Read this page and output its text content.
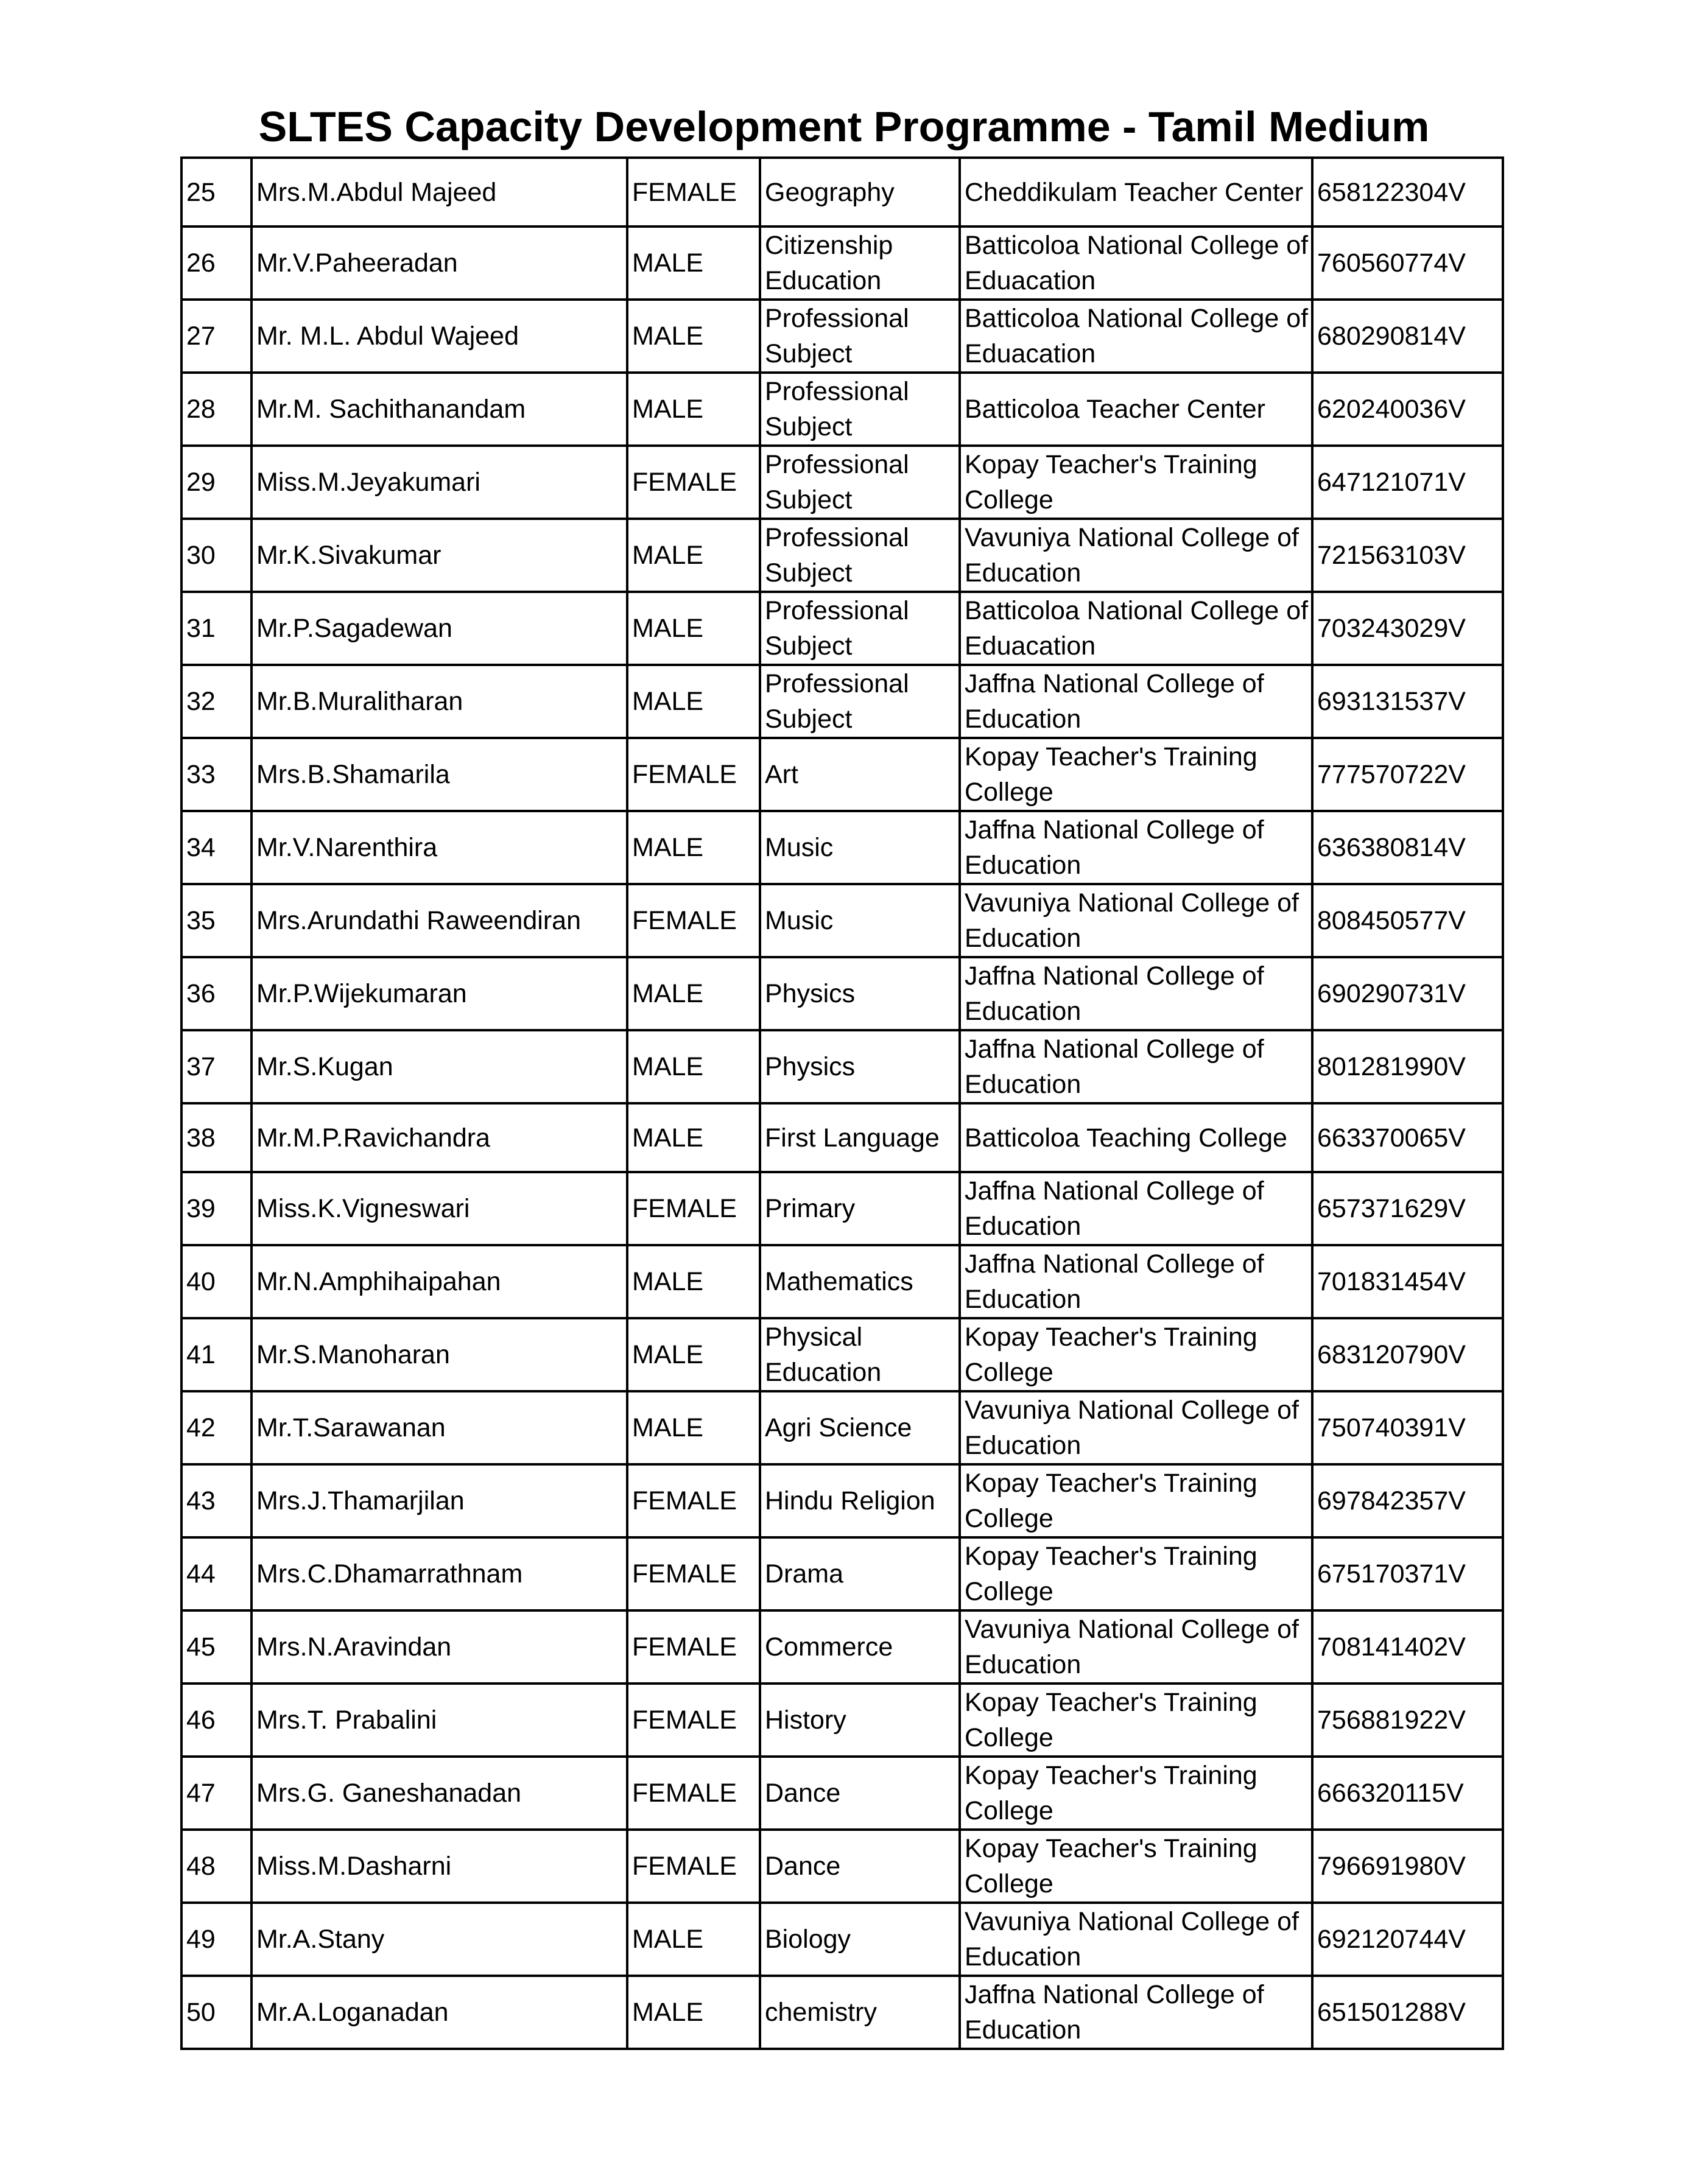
SLTES Capacity Development Programme - Tamil Medium
25	Mrs.M.Abdul Majeed	FEMALE	Geography	Cheddikulam Teacher Center	658122304V
26	Mr.V.Paheeradan	MALE	Citizenship Education	Batticoloa National College of Eduacation	760560774V
27	Mr. M.L. Abdul Wajeed	MALE	Professional Subject	Batticoloa National College of Eduacation	680290814V
28	Mr.M. Sachithanandam	MALE	Professional Subject	Batticoloa Teacher Center	620240036V
29	Miss.M.Jeyakumari	FEMALE	Professional Subject	Kopay Teacher's Training College	647121071V
30	Mr.K.Sivakumar	MALE	Professional Subject	Vavuniya National College of Education	721563103V
31	Mr.P.Sagadewan	MALE	Professional Subject	Batticoloa National College of Eduacation	703243029V
32	Mr.B.Muralitharan	MALE	Professional Subject	Jaffna National College of Education	693131537V
33	Mrs.B.Shamarila	FEMALE	Art	Kopay Teacher's Training College	777570722V
34	Mr.V.Narenthira	MALE	Music	Jaffna National College of Education	636380814V
35	Mrs.Arundathi Raweendiran	FEMALE	Music	Vavuniya National College of Education	808450577V
36	Mr.P.Wijekumaran	MALE	Physics	Jaffna National College of Education	690290731V
37	Mr.S.Kugan	MALE	Physics	Jaffna National College of Education	801281990V
38	Mr.M.P.Ravichandra	MALE	First Language	Batticoloa Teaching College	663370065V
39	Miss.K.Vigneswari	FEMALE	Primary	Jaffna National College of Education	657371629V
40	Mr.N.Amphihaipahan	MALE	Mathematics	Jaffna National College of Education	701831454V
41	Mr.S.Manoharan	MALE	Physical Education	Kopay Teacher's Training College	683120790V
42	Mr.T.Sarawanan	MALE	Agri Science	Vavuniya National College of Education	750740391V
43	Mrs.J.Thamarjilan	FEMALE	Hindu Religion	Kopay Teacher's Training College	697842357V
44	Mrs.C.Dhamarrathnam	FEMALE	Drama	Kopay Teacher's Training College	675170371V
45	Mrs.N.Aravindan	FEMALE	Commerce	Vavuniya National College of Education	708141402V
46	Mrs.T. Prabalini	FEMALE	History	Kopay Teacher's Training College	756881922V
47	Mrs.G. Ganeshanadan	FEMALE	Dance	Kopay Teacher's Training College	666320115V
48	Miss.M.Dasharni	FEMALE	Dance	Kopay Teacher's Training College	796691980V
49	Mr.A.Stany	MALE	Biology	Vavuniya National College of Education	692120744V
50	Mr.A.Loganadan	MALE	chemistry	Jaffna National College of Education	651501288V
